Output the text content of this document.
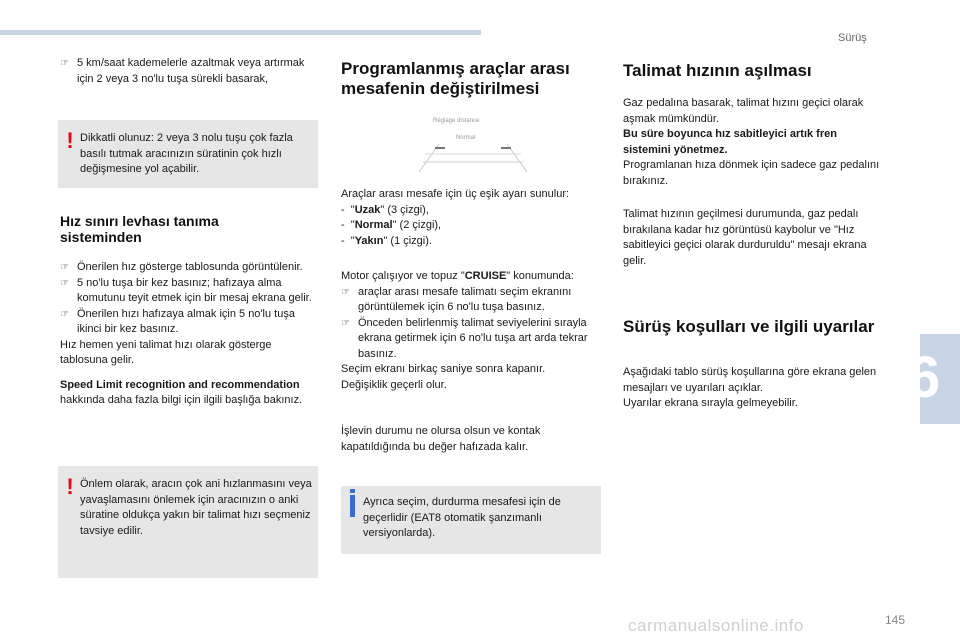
Sürüş
6
145
carmanualsonline.info

☞ 5 km/saat kademelerle azaltmak veya artırmak için 2 veya 3 no'lu tuşa sürekli basarak,

! Dikkatli olunuz: 2 veya 3 nolu tuşu çok fazla basılı tutmak aracınızın süratinin çok hızlı değişmesine yol açabilir.
Hız sınırı levhası tanıma sisteminden

☞ Önerilen hız gösterge tablosunda görüntülenir.

☞ 5 no'lu tuşa bir kez basınız; hafızaya alma komutunu teyit etmek için bir mesaj ekrana gelir.

☞ Önerilen hızı hafızaya almak için 5 no'lu tuşa ikinci bir kez basınız.

Hız hemen yeni talimat hızı olarak gösterge tablosuna gelir.

Speed Limit recognition and recommendation hakkında daha fazla bilgi için ilgili başlığa bakınız.

! Önlem olarak, aracın çok ani hızlanmasını veya yavaşlamasını önlemek için aracınızın o anki süratine oldukça yakın bir talimat hızı seçmeniz tavsiye edilir.
Programlanmış araçlar arası mesafenin değiştirilmesi
Réglage distance
Normal

Araçlar arası mesafe için üç eşik ayarı sunulur:

-  "Uzak" (3 çizgi),

-  "Normal" (2 çizgi),

-  "Yakın" (1 çizgi).

Motor çalışıyor ve topuz "CRUISE" konumunda:

☞ araçlar arası mesafe talimatı seçim ekranını görüntülemek için 6 no'lu tuşa basınız.

☞ Önceden belirlenmiş talimat seviyelerini sırayla ekrana getirmek için 6 no'lu tuşa art arda tekrar basınız.

Seçim ekranı birkaç saniye sonra kapanır.

Değişiklik geçerli olur.

İşlevin durumu ne olursa olsun ve kontak kapatıldığında bu değer hafızada kalır.

Ayrıca seçim, durdurma mesafesi için de geçerlidir (EAT8 otomatik şanzımanlı versiyonlarda).
Talimat hızının aşılması

Gaz pedalına basarak, talimat hızını geçici olarak aşmak mümkündür.

Bu süre boyunca hız sabitleyici artık fren sistemini yönetmez.

Programlanan hıza dönmek için sadece gaz pedalını bırakınız.

Talimat hızının geçilmesi durumunda, gaz pedalı bırakılana kadar hız görüntüsü kaybolur ve "Hız sabitleyici geçici olarak durduruldu" mesajı ekrana gelir.

Sürüş koşulları ve ilgili uyarılar

Aşağıdaki tablo sürüş koşullarına göre ekrana gelen mesajları ve uyarıları açıklar.

Uyarılar ekrana sırayla gelmeyebilir.
